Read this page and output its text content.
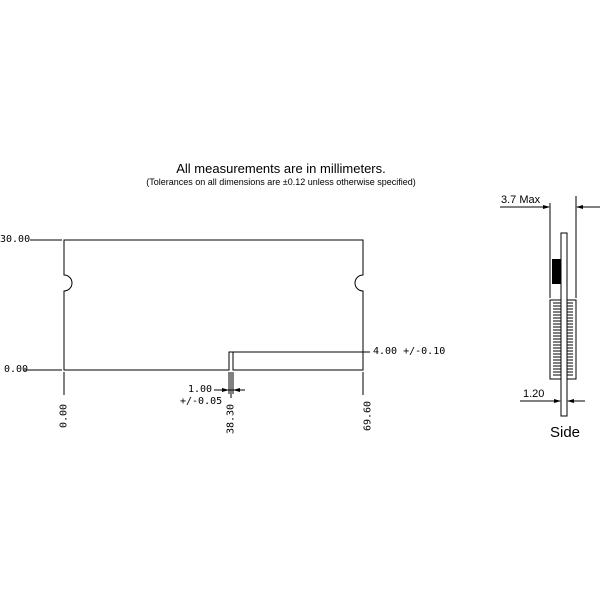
All measurements are in millimeters.
(Tolerances on all dimensions are ±0.12 unless otherwise specified)
30.00
0.00
0.00	38.30	69.60
4.00 +/-0.10
1.00
+/-0.05
3.7 Max
1.20
Side
